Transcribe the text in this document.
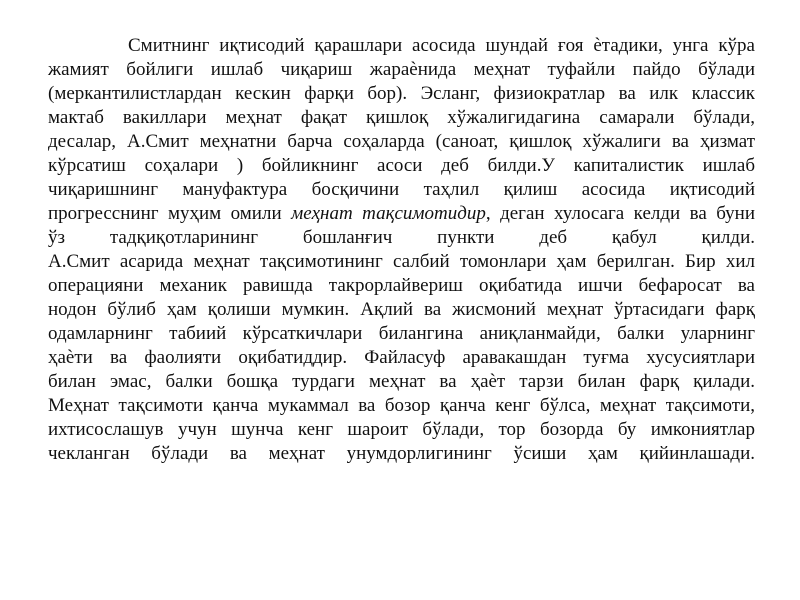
Смитнинг иқтисодий қарашлари асосида шундай ғоя ѐтадики, унга кўра
жамият бойлиги ишлаб чиқариш жараѐнида меҳнат туфайли пайдо бўлади
(меркантилистлардан кескин фарқи бор). Эсланг, физиократлар ва илк классик
мактаб вакиллари меҳнат фақат қишлоқ хўжалигидагина самарали бўлади,
десалар, А.Смит меҳнатни барча соҳаларда (саноат, қишлоқ хўжалиги ва ҳизмат
кўрсатиш соҳалари ) бойликнинг асоси деб билди.У капиталистик ишлаб
чиқаришнинг мануфактура босқичини таҳлил қилиш асосида иқтисодий
прогресснинг муҳим омили меҳнат тақсимотидир, деган хулосага келди ва буни
ўз тадқиқотларининг бошланғич пункти деб қабул қилди.
А.Смит асарида меҳнат тақсимотининг салбий томонлари ҳам берилган. Бир хил
операцияни механик равишда такрорлайвериш оқибатида ишчи бефаросат ва
нодон бўлиб ҳам қолиши мумкин. Ақлий ва жисмоний меҳнат ўртасидаги фарқ
одамларнинг табиий кўрсаткичлари билангина аниқланмайди, балки уларнинг
ҳаѐти ва фаолияти оқибатиддир. Файласуф аравакашдан туғма хусусиятлари
билан эмас, балки бошқа турдаги меҳнат ва ҳаѐт тарзи билан фарқ қилади.
Меҳнат тақсимоти қанча мукаммал ва бозор қанча кенг бўлса, меҳнат тақсимоти,
ихтисослашув учун шунча кенг шароит бўлади, тор бозорда бу имкониятлар
чекланган бўлади ва меҳнат унумдорлигининг ўсиши ҳам қийинлашади.
